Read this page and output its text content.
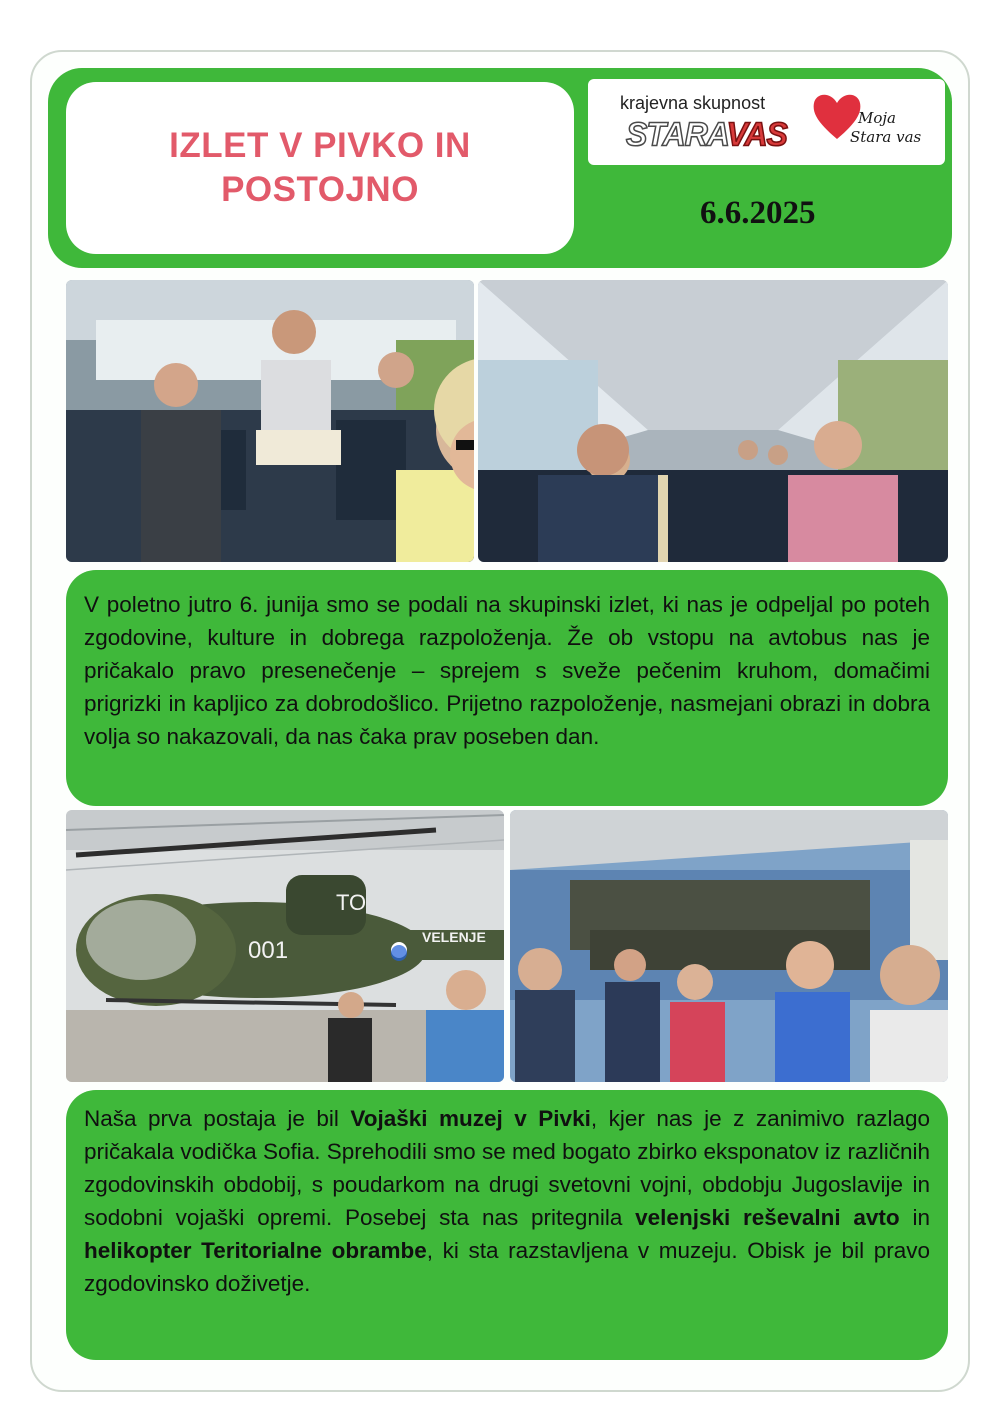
IZLET V PIVKO IN
POSTOJNO
krajevna skupnost
STARAVAS	Moja
Stara vas
6.6.2025

V poletno jutro 6. junija smo se podali na skupinski izlet, ki nas je odpeljal po poteh zgodovine, kulture in dobrega razpoloženja. Že ob vstopu na avtobus nas je pričakalo pravo presenečenje – sprejem s sveže pečenim kruhom, domačimi prigrizki in kapljico za dobrodošlico. Prijetno razpoloženje, nasmejani obrazi in dobra volja so nakazovali, da nas čaka prav poseben dan.

001
TO
VELENJE

Naša prva postaja je bil Vojaški muzej v Pivki, kjer nas je z zanimivo razlago pričakala vodička Sofia. Sprehodili smo se med bogato zbirko eksponatov iz različnih zgodovinskih obdobij, s poudarkom na drugi svetovni vojni, obdobju Jugoslavije in sodobni vojaški opremi. Posebej sta nas pritegnila velenjski reševalni avto in helikopter Teritorialne obrambe, ki sta razstavljena v muzeju. Obisk je bil pravo zgodovinsko doživetje.
